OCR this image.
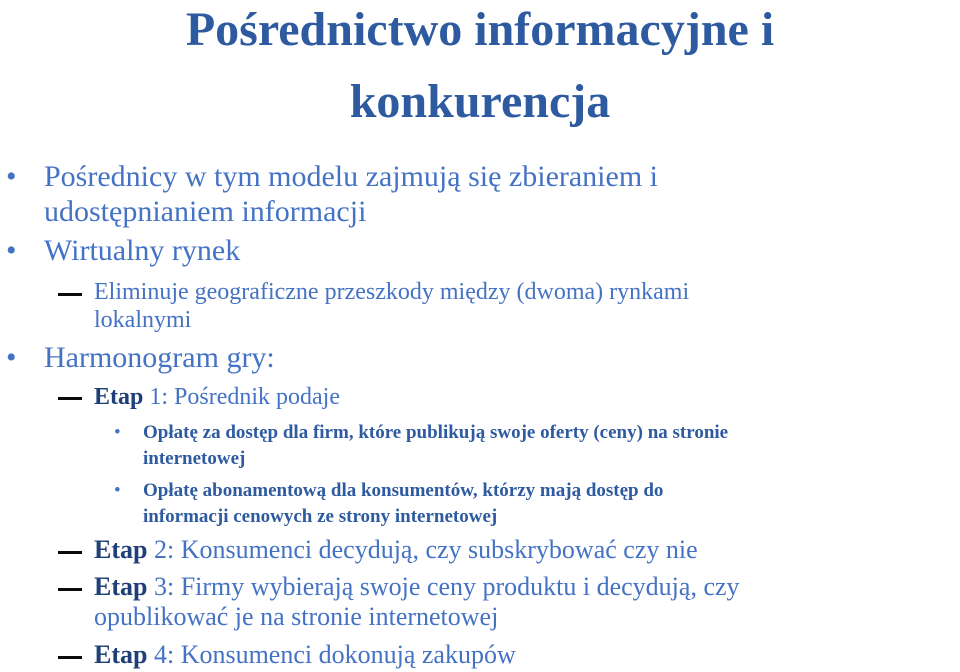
Pośrednictwo informacyjne i
konkurencja
• Pośrednicy w tym modelu zajmują się zbieraniem i
udostępnianiem informacji
• Wirtualny rynek
Eliminuje geograficzne przeszkody między (dwoma) rynkami
lokalnymi
• Harmonogram gry:
Etap 1: Pośrednik podaje
• Opłatę za dostęp dla firm, które publikują swoje oferty (ceny) na stronie
internetowej
• Opłatę abonamentową dla konsumentów, którzy mają dostęp do
informacji cenowych ze strony internetowej
Etap 2: Konsumenci decydują, czy subskrybować czy nie
Etap 3: Firmy wybierają swoje ceny produktu i decydują, czy
opublikować je na stronie internetowej
Etap 4: Konsumenci dokonują zakupów
